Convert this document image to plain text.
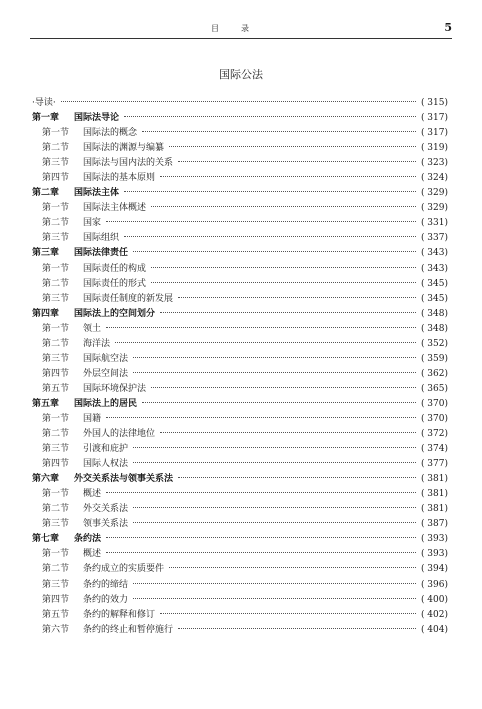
目录	5
国际公法
·导读·	( 315)
第一章 国际法导论	( 317)
第一节 国际法的概念	( 317)
第二节 国际法的渊源与编纂	( 319)
第三节 国际法与国内法的关系	( 323)
第四节 国际法的基本原则	( 324)
第二章 国际法主体	( 329)
第一节 国际法主体概述	( 329)
第二节 国家	( 331)
第三节 国际组织	( 337)
第三章 国际法律责任	( 343)
第一节 国际责任的构成	( 343)
第二节 国际责任的形式	( 345)
第三节 国际责任制度的新发展	( 345)
第四章 国际法上的空间划分	( 348)
第一节 领土	( 348)
第二节 海洋法	( 352)
第三节 国际航空法	( 359)
第四节 外层空间法	( 362)
第五节 国际环境保护法	( 365)
第五章 国际法上的居民	( 370)
第一节 国籍	( 370)
第二节 外国人的法律地位	( 372)
第三节 引渡和庇护	( 374)
第四节 国际人权法	( 377)
第六章 外交关系法与领事关系法	( 381)
第一节 概述	( 381)
第二节 外交关系法	( 381)
第三节 领事关系法	( 387)
第七章 条约法	( 393)
第一节 概述	( 393)
第二节 条约成立的实质要件	( 394)
第三节 条约的缔结	( 396)
第四节 条约的效力	( 400)
第五节 条约的解释和修订	( 402)
第六节 条约的终止和暂停施行	( 404)
